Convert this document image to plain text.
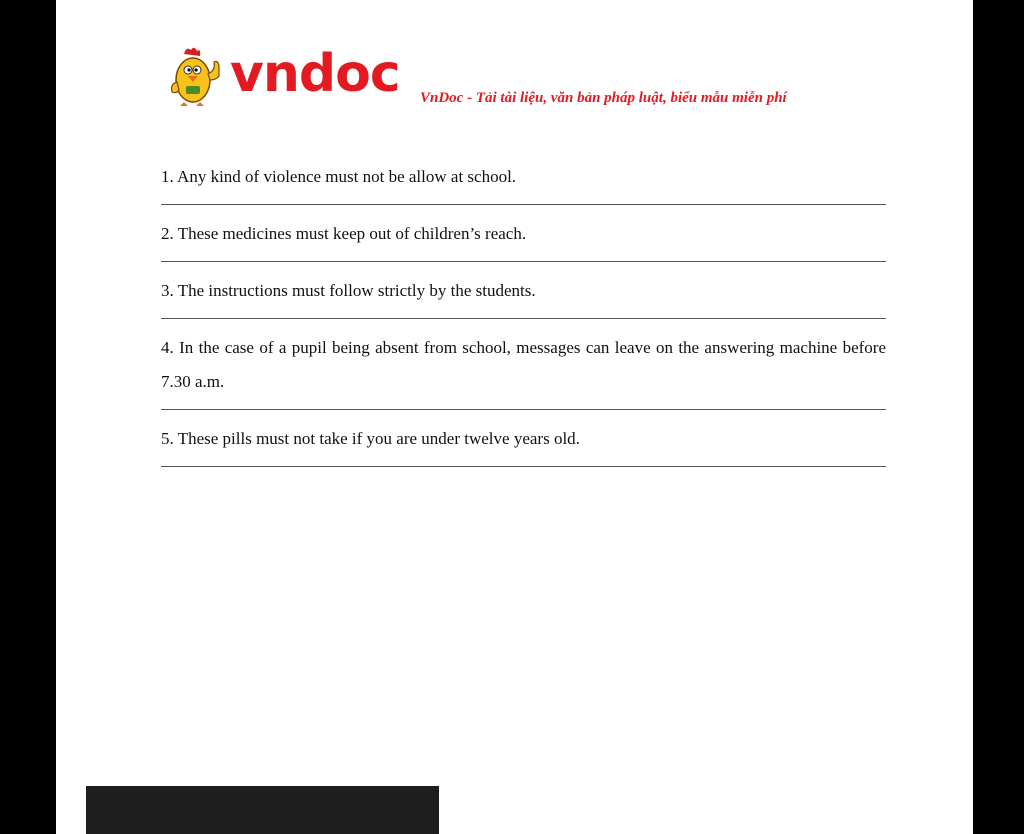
vndoc VnDoc - Tải tài liệu, văn bản pháp luật, biểu mẫu miễn phí
1. Any kind of violence must not be allow at school.
2. These medicines must keep out of children’s reach.
3. The instructions must follow strictly by the students.
4. In the case of a pupil being absent from school, messages can leave on the answering machine before 7.30 a.m.
5. These pills must not take if you are under twelve years old.
